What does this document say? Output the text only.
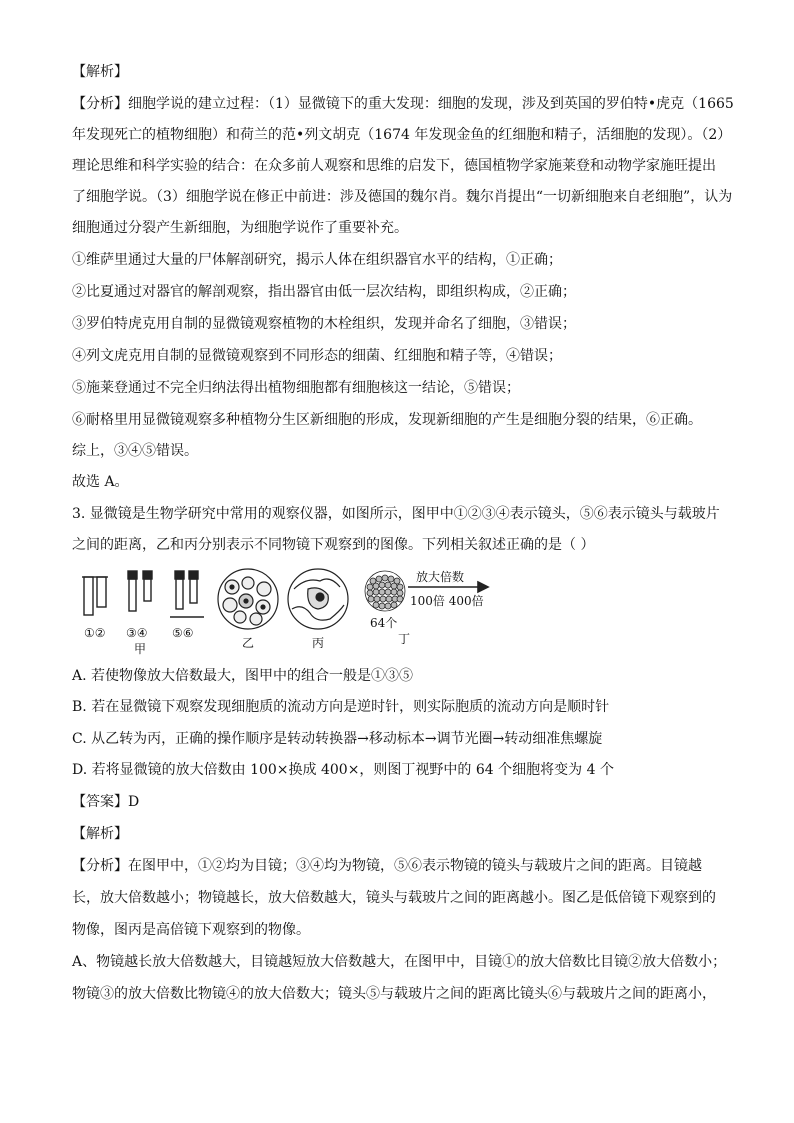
【解析】
【分析】细胞学说的建立过程：（1）显微镜下的重大发现：细胞的发现，涉及到英国的罗伯特•虎克（1665
年发现死亡的植物细胞）和荷兰的范•列文胡克（1674 年发现金鱼的红细胞和精子，活细胞的发现）。（2）
理论思维和科学实验的结合：在众多前人观察和思维的启发下，德国植物学家施莱登和动物学家施旺提出
了细胞学说。（3）细胞学说在修正中前进：涉及德国的魏尔肖。魏尔肖提出“一切新细胞来自老细胞”，认为
细胞通过分裂产生新细胞，为细胞学说作了重要补充。
①维萨里通过大量的尸体解剖研究，揭示人体在组织器官水平的结构，①正确；
②比夏通过对器官的解剖观察，指出器官由低一层次结构，即组织构成，②正确；
③罗伯特虎克用自制的显微镜观察植物的木栓组织，发现并命名了细胞，③错误；
④列文虎克用自制的显微镜观察到不同形态的细菌、红细胞和精子等，④错误；
⑤施莱登通过不完全归纳法得出植物细胞都有细胞核这一结论，⑤错误；
⑥耐格里用显微镜观察多种植物分生区新细胞的形成，发现新细胞的产生是细胞分裂的结果，⑥正确。
综上，③④⑤错误。
故选 A。
3. 显微镜是生物学研究中常用的观察仪器，如图所示，图甲中①②③④表示镜头，⑤⑥表示镜头与载玻片
之间的距离，乙和丙分别表示不同物镜下观察到的图像。下列相关叙述正确的是（ ）
放大倍数
100倍 400倍
64个
丁
①② ③④ ⑤⑥
甲	乙	丙
A. 若使物像放大倍数最大，图甲中的组合一般是①③⑤
B. 若在显微镜下观察发现细胞质的流动方向是逆时针，则实际胞质的流动方向是顺时针
C. 从乙转为丙，正确的操作顺序是转动转换器→移动标本→调节光圈→转动细准焦螺旋
D. 若将显微镜的放大倍数由 100×换成 400×，则图丁视野中的 64 个细胞将变为 4 个
【答案】D
【解析】
【分析】在图甲中，①②均为目镜；③④均为物镜，⑤⑥表示物镜的镜头与载玻片之间的距离。目镜越
长，放大倍数越小；物镜越长，放大倍数越大，镜头与载玻片之间的距离越小。图乙是低倍镜下观察到的
物像，图丙是高倍镜下观察到的物像。
A、物镜越长放大倍数越大，目镜越短放大倍数越大，在图甲中，目镜①的放大倍数比目镜②放大倍数小；
物镜③的放大倍数比物镜④的放大倍数大；镜头⑤与载玻片之间的距离比镜头⑥与载玻片之间的距离小，
